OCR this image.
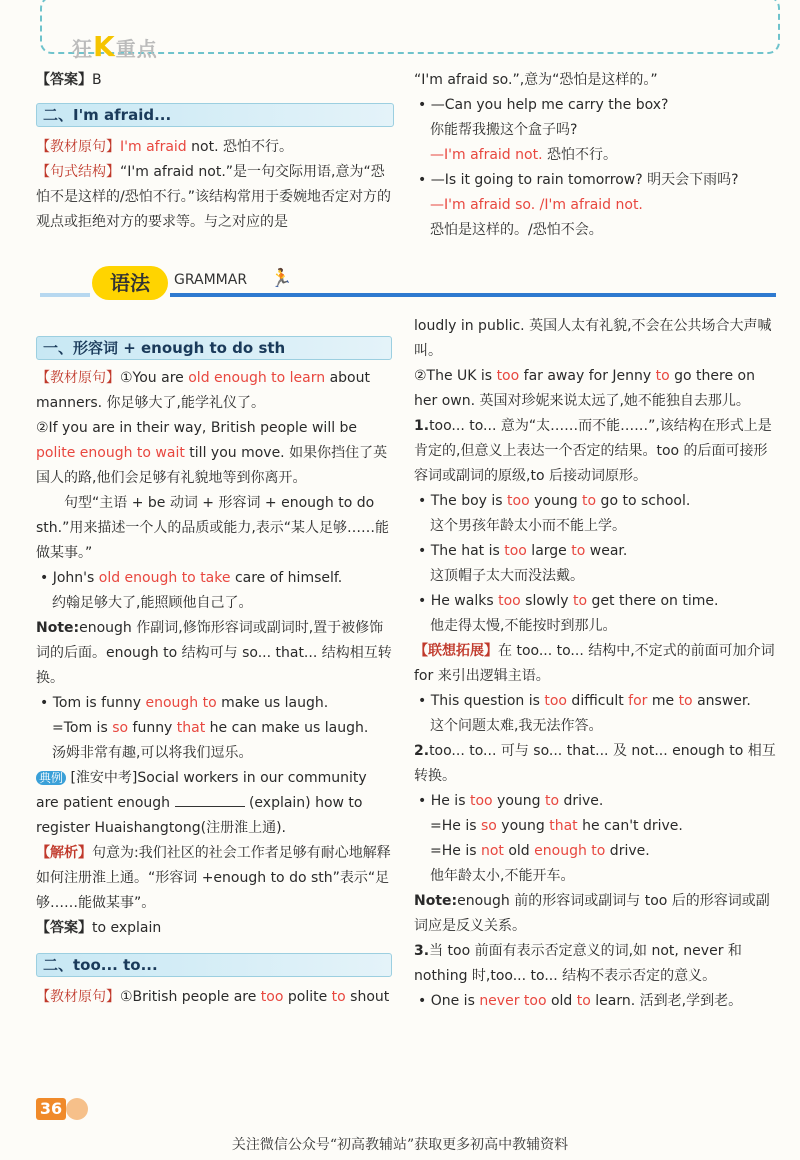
狂K重点
【答案】B
二、I'm afraid...
【教材原句】I'm afraid not. 恐怕不行。
【句式结构】“I'm afraid not.”是一句交际用语,意为“恐怕不是这样的/恐怕不行。”该结构常用于委婉地否定对方的观点或拒绝对方的要求等。与之对应的是
“I'm afraid so.”,意为“恐怕是这样的。”
• —Can you help me carry the box?
你能帮我搬这个盒子吗?
—I'm afraid not. 恐怕不行。
• —Is it going to rain tomorrow? 明天会下雨吗?
—I'm afraid so. /I'm afraid not.
恐怕是这样的。/恐怕不会。
语法	GRAMMAR 🏃
一、形容词 + enough to do sth
【教材原句】①You are old enough to learn about manners. 你足够大了,能学礼仪了。
②If you are in their way, British people will be polite enough to wait till you move. 如果你挡住了英国人的路,他们会足够有礼貌地等到你离开。
句型“主语 + be 动词 + 形容词 + enough to do sth.”用来描述一个人的品质或能力,表示“某人足够……能做某事。”
• John's old enough to take care of himself.
约翰足够大了,能照顾他自己了。
Note:enough 作副词,修饰形容词或副词时,置于被修饰词的后面。enough to 结构可与 so... that... 结构相互转换。
• Tom is funny enough to make us laugh.
=Tom is so funny that he can make us laugh.
汤姆非常有趣,可以将我们逗乐。
典例 [淮安中考]Social workers in our community are patient enough	(explain) how to register Huaishangtong(注册淮上通).
【解析】句意为:我们社区的社会工作者足够有耐心地解释如何注册淮上通。“形容词 +enough to do sth”表示“足够……能做某事”。
【答案】to explain
二、too... to...
【教材原句】①British people are too polite to shout
loudly in public. 英国人太有礼貌,不会在公共场合大声喊叫。
②The UK is too far away for Jenny to go there on her own. 英国对珍妮来说太远了,她不能独自去那儿。
1.too... to... 意为“太……而不能……”,该结构在形式上是肯定的,但意义上表达一个否定的结果。too 的后面可接形容词或副词的原级,to 后接动词原形。
• The boy is too young to go to school.
这个男孩年龄太小而不能上学。
• The hat is too large to wear.
这顶帽子太大而没法戴。
• He walks too slowly to get there on time.
他走得太慢,不能按时到那儿。
【联想拓展】在 too... to... 结构中,不定式的前面可加介词 for 来引出逻辑主语。
• This question is too difficult for me to answer.
这个问题太难,我无法作答。
2.too... to... 可与 so... that... 及 not... enough to 相互转换。
• He is too young to drive.
=He is so young that he can't drive.
=He is not old enough to drive.
他年龄太小,不能开车。
Note:enough 前的形容词或副词与 too 后的形容词或副词应是反义关系。
3.当 too 前面有表示否定意义的词,如 not, never 和 nothing 时,too... to... 结构不表示否定的意义。
• One is never too old to learn. 活到老,学到老。
36
关注微信公众号“初高教辅站”获取更多初高中教辅资料
